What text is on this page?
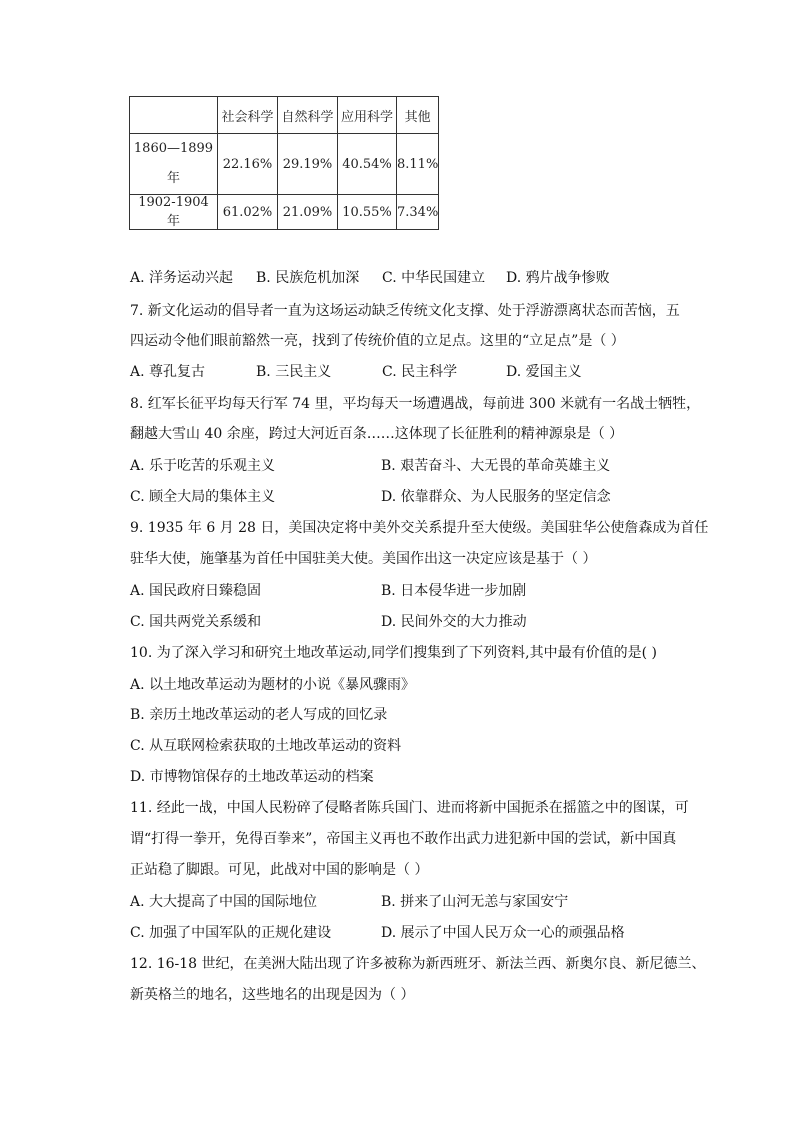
	社会科学	自然科学	应用科学	其他
1860—1899
年	22.16%	29.19%	40.54%	8.11%
1902-1904 年	61.02%	21.09%	10.55%	7.34%
A. 洋务运动兴起 B. 民族危机加深 C. 中华民国建立 D. 鸦片战争惨败
7. 新文化运动的倡导者一直为这场运动缺乏传统文化支撑、处于浮游漂离状态而苦恼，五
四运动令他们眼前豁然一亮，找到了传统价值的立足点。这里的“立足点”是（ ）
A. 尊孔复古	B. 三民主义	C. 民主科学	D. 爱国主义
8. 红军长征平均每天行军 74 里，平均每天一场遭遇战，每前进 300 米就有一名战士牺牲，
翻越大雪山 40 余座，跨过大河近百条……这体现了长征胜利的精神源泉是（ ）
A. 乐于吃苦的乐观主义	B. 艰苦奋斗、大无畏的革命英雄主义
C. 顾全大局的集体主义	D. 依靠群众、为人民服务的坚定信念
9. 1935 年 6 月 28 日，美国决定将中美外交关系提升至大使级。美国驻华公使詹森成为首任
驻华大使，施肇基为首任中国驻美大使。美国作出这一决定应该是基于（ ）
A. 国民政府日臻稳固	B. 日本侵华进一步加剧
C. 国共两党关系缓和	D. 民间外交的大力推动
10. 为了深入学习和研究土地改革运动,同学们搜集到了下列资料,其中最有价值的是( )
A. 以土地改革运动为题材的小说《暴风骤雨》
B. 亲历土地改革运动的老人写成的回忆录
C. 从互联网检索获取的土地改革运动的资料
D. 市博物馆保存的土地改革运动的档案
11. 经此一战，中国人民粉碎了侵略者陈兵国门、进而将新中国扼杀在摇篮之中的图谋，可
谓“打得一拳开，免得百拳来”，帝国主义再也不敢作出武力进犯新中国的尝试，新中国真
正站稳了脚跟。可见，此战对中国的影响是（ ）
A. 大大提高了中国的国际地位	B. 拼来了山河无恙与家国安宁
C. 加强了中国军队的正规化建设	D. 展示了中国人民万众一心的顽强品格
12. 16-18 世纪，在美洲大陆出现了许多被称为新西班牙、新法兰西、新奥尔良、新尼德兰、
新英格兰的地名，这些地名的出现是因为（ ）
